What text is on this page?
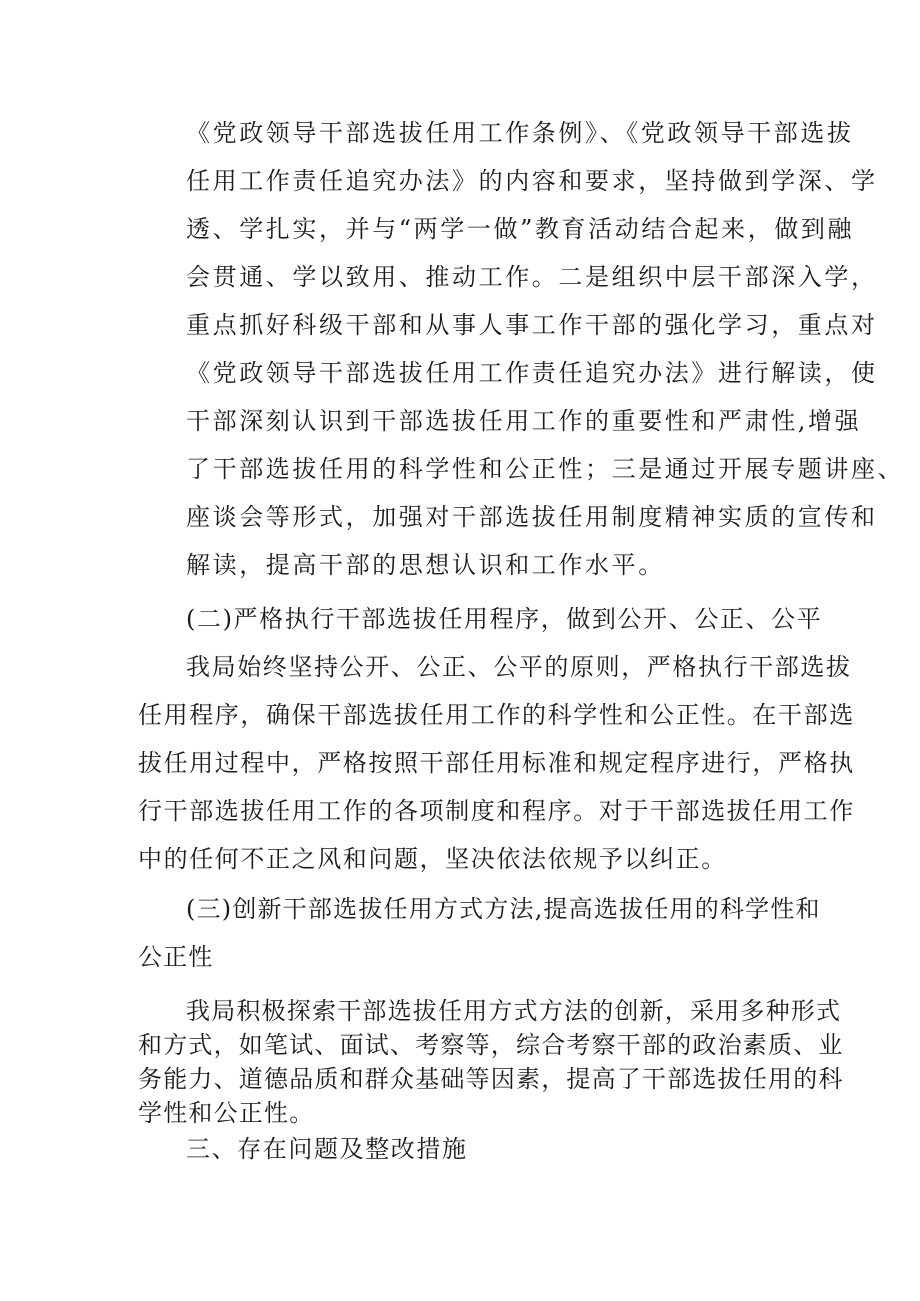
《党政领导干部选拔任用工作条例》、《党政领导干部选拔
任用工作责任追究办法》的内容和要求，坚持做到学深、学
透、学扎实，并与“两学一做”教育活动结合起来，做到融
会贯通、学以致用、推动工作。二是组织中层干部深入学，
重点抓好科级干部和从事人事工作干部的强化学习，重点对
《党政领导干部选拔任用工作责任追究办法》进行解读，使
干部深刻认识到干部选拔任用工作的重要性和严肃性,增强
了干部选拔任用的科学性和公正性；三是通过开展专题讲座、
座谈会等形式，加强对干部选拔任用制度精神实质的宣传和
解读，提高干部的思想认识和工作水平。
(二)严格执行干部选拔任用程序，做到公开、公正、公平
我局始终坚持公开、公正、公平的原则，严格执行干部选拔
任用程序，确保干部选拔任用工作的科学性和公正性。在干部选
拔任用过程中，严格按照干部任用标准和规定程序进行，严格执
行干部选拔任用工作的各项制度和程序。对于干部选拔任用工作
中的任何不正之风和问题，坚决依法依规予以纠正。
(三)创新干部选拔任用方式方法,提高选拔任用的科学性和
公正性
我局积极探索干部选拔任用方式方法的创新，采用多种形式
和方式，如笔试、面试、考察等，综合考察干部的政治素质、业
务能力、道德品质和群众基础等因素，提高了干部选拔任用的科
学性和公正性。
三、存在问题及整改措施
